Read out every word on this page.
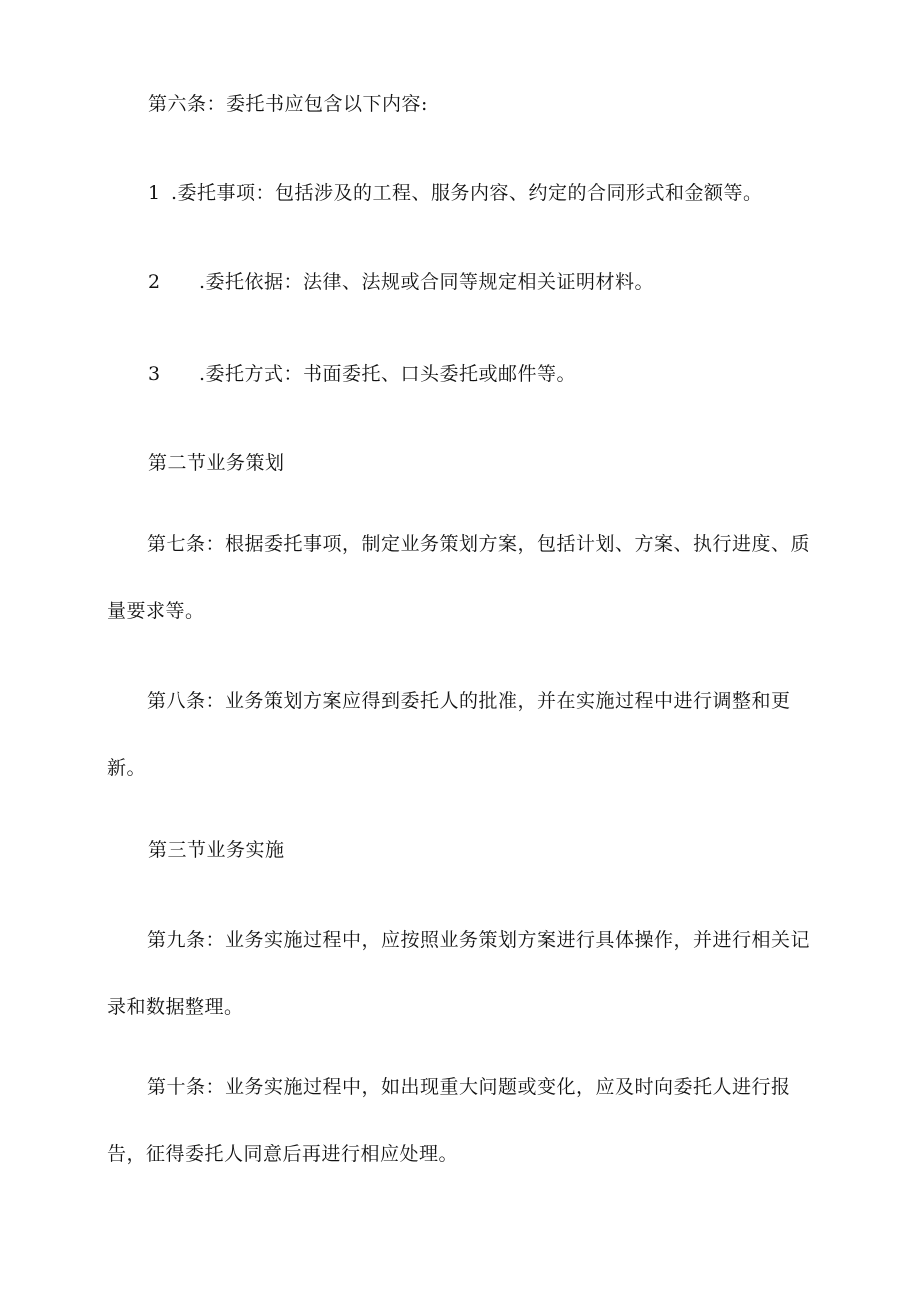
第六条：委托书应包含以下内容:
1 .委托事项：包括涉及的工程、服务内容、约定的合同形式和金额等。
2 .委托依据：法律、法规或合同等规定相关证明材料。
3 .委托方式：书面委托、口头委托或邮件等。
第二节业务策划

第七条：根据委托事项，制定业务策划方案，包括计划、方案、执行进度、质量要求等。

第八条：业务策划方案应得到委托人的批准，并在实施过程中进行调整和更新。

第三节业务实施

第九条：业务实施过程中，应按照业务策划方案进行具体操作，并进行相关记录和数据整理。

第十条：业务实施过程中，如出现重大问题或变化，应及时向委托人进行报告，征得委托人同意后再进行相应处理。
